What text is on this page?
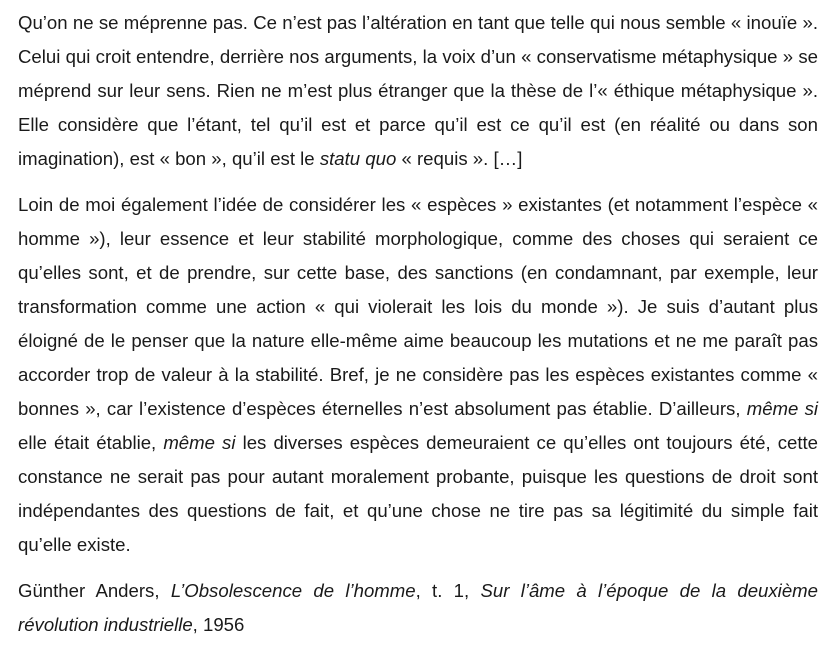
Qu’on ne se méprenne pas. Ce n’est pas l’altération en tant que telle qui nous semble « inouïe ». Celui qui croit entendre, derrière nos arguments, la voix d’un « conservatisme métaphysique » se méprend sur leur sens. Rien ne m’est plus étranger que la thèse de l’« éthique métaphysique ». Elle considère que l’étant, tel qu’il est et parce qu’il est ce qu’il est (en réalité ou dans son imagination), est « bon », qu’il est le statu quo « requis ». […]

Loin de moi également l’idée de considérer les « espèces » existantes (et notamment l’espèce « homme »), leur essence et leur stabilité morphologique, comme des choses qui seraient ce qu’elles sont, et de prendre, sur cette base, des sanctions (en condamnant, par exemple, leur transformation comme une action « qui violerait les lois du monde »). Je suis d’autant plus éloigné de le penser que la nature elle-même aime beaucoup les mutations et ne me paraît pas accorder trop de valeur à la stabilité. Bref, je ne considère pas les espèces existantes comme « bonnes », car l’existence d’espèces éternelles n’est absolument pas établie. D’ailleurs, même si elle était établie, même si les diverses espèces demeuraient ce qu’elles ont toujours été, cette constance ne serait pas pour autant moralement probante, puisque les questions de droit sont indépendantes des questions de fait, et qu’une chose ne tire pas sa légitimité du simple fait qu’elle existe.

Günther Anders, L’Obsolescence de l’homme, t. 1, Sur l’âme à l’époque de la deuxième révolution industrielle, 1956
